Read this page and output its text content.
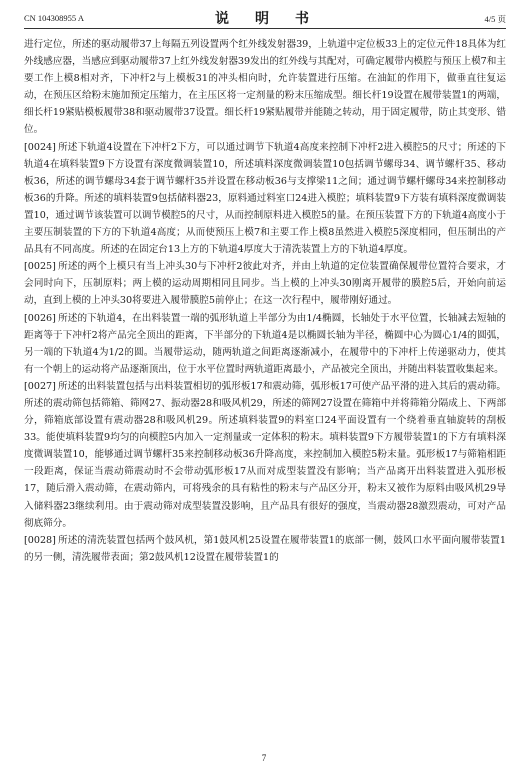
CN 104308955 A	说　明　书	4/5 页

进行定位，所述的驱动履带37上每隔五列设置两个红外线发射器39，上轨道中定位板33上的定位元件18具体为红外线感应器，当感应到驱动履带37上红外线发射器39发出的红外线与其配对，可确定履带内模腔与预压上模7和主要工作上模8相对齐，下冲杆2与上模板31的冲头相向时，允许装置进行压缩。在油缸的作用下，做垂直往复运动，在预压区给粉末施加预定压缩力，在主压区将一定剂量的粉末压缩成型。细长杆19设置在履带装置1的两端，细长杆19紧贴模板履带38和驱动履带37设置。细长杆19紧贴履带并能随之转动，用于固定履带，防止其变形、错位。

[0024] 所述下轨道4设置在下冲杆2下方，可以通过调节下轨道4高度来控制下冲杆2进入模腔5的尺寸；所述的下轨道4在填料装置9下方设置有深度微调装置10，所述填料深度微调装置10包括调节螺母34、调节螺杆35、移动板36，所述的调节螺母34套于调节螺杆35并设置在移动板36与支撑梁11之间；通过调节螺杆螺母34来控制移动板36的升降。所述的填料装置9包括储料器23，原料通过料室口24进入模腔；填料装置9下方装有填料深度微调装置10，通过调节该装置可以调节模腔5的尺寸，从而控制原料进入模腔5的量。在预压装置下方的下轨道4高度小于主要压制装置的下方的下轨道4高度；从而使预压上模7和主要工作上模8虽然进入模腔5深度相同，但压制出的产品具有不同高度。所述的在固定台13上方的下轨道4厚度大于清洗装置上方的下轨道4厚度。

[0025] 所述的两个上模只有当上冲头30与下冲杆2彼此对齐，并由上轨道的定位装置确保履带位置符合要求，才会同时向下，压制原料；两上模的运动周期相同且同步。当上模的上冲头30刚离开履带的膜腔5后，开始向前运动，直到上模的上冲头30将要进入履带膜腔5前停止；在这一次行程中，履带刚好通过。

[0026] 所述的下轨道4，在出料装置一端的弧形轨道上半部分为由1/4椭圆，长轴处于水平位置，长轴减去短轴的距离等于下冲杆2将产品完全顶出的距离，下半部分的下轨道4是以椭圆长轴为半径，椭圆中心为圆心1/4的圆弧，另一端的下轨道4为1/2的圆。当履带运动，随两轨道之间距离逐渐减小，在履带中的下冲杆上传递驱动力，使其有一个朝上的运动将产品逐渐顶出，位于水平位置时两轨道距离最小，产品被完全顶出，并随出料装置收集起来。

[0027] 所述的出料装置包括与出料装置相切的弧形板17和震动筛，弧形板17可使产品平滑的进入其后的震动筛。所述的震动筛包括筛箱、筛网27、振动器28和吸风机29，所述的筛网27设置在筛箱中并将筛箱分隔成上、下两部分，筛箱底部设置有震动器28和吸风机29。所述填料装置9的料室口24平面设置有一个绕着垂直轴旋转的刮板33。能使填料装置9均匀的向模腔5内加入一定剂量或一定体积的粉末。填料装置9下方履带装置1的下方有填料深度微调装置10，能够通过调节螺杆35来控制移动板36升降高度，来控制加入模腔5粉末量。弧形板17与筛箱相距一段距离，保证当震动筛震动时不会带动弧形板17从而对成型装置没有影响；当产品离开出料装置进入弧形板17，随后滑入震动筛，在震动筛内，可将残余的具有粘性的粉末与产品区分开，粉末又被作为原料由吸风机29导入储料器23继续利用。由于震动筛对成型装置没影响，且产品具有很好的强度，当震动器28激烈震动，可对产品彻底筛分。

[0028] 所述的清洗装置包括两个鼓风机，第1鼓风机25设置在履带装置1的底部一侧，鼓风口水平面向履带装置1的另一侧，清洗履带表面；第2鼓风机12设置在履带装置1的

7
